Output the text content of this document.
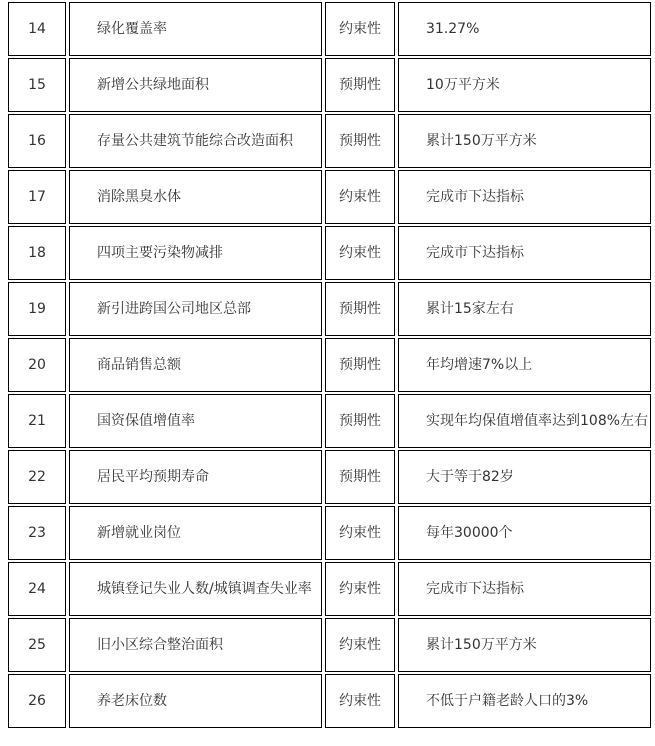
14	绿化覆盖率	约束性	31.27%
15	新增公共绿地面积	预期性	10万平方米
16	存量公共建筑节能综合改造面积	预期性	累计150万平方米
17	消除黑臭水体	约束性	完成市下达指标
18	四项主要污染物减排	约束性	完成市下达指标
19	新引进跨国公司地区总部	预期性	累计15家左右
20	商品销售总额	预期性	年均增速7%以上
21	国资保值增值率	预期性	实现年均保值增值率达到108%左右
22	居民平均预期寿命	预期性	大于等于82岁
23	新增就业岗位	约束性	每年30000个
24	城镇登记失业人数/城镇调查失业率	约束性	完成市下达指标
25	旧小区综合整治面积	约束性	累计150万平方米
26	养老床位数	约束性	不低于户籍老龄人口的3%
